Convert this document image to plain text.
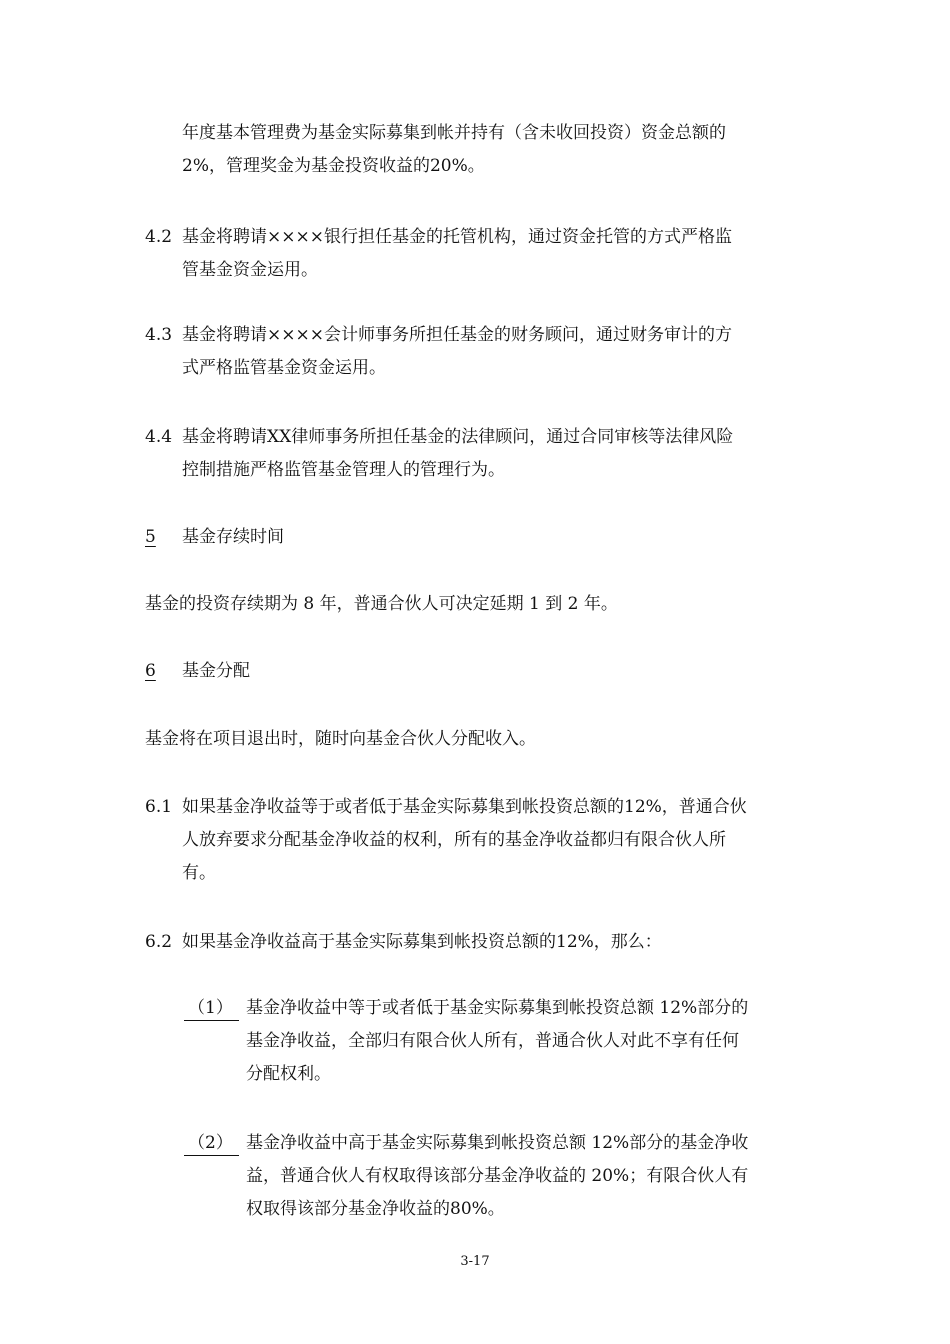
年度基本管理费为基金实际募集到帐并持有（含未收回投资）资金总额的
2%，管理奖金为基金投资收益的20%。
4.2 基金将聘请××××银行担任基金的托管机构，通过资金托管的方式严格监
管基金资金运用。
4.3 基金将聘请××××会计师事务所担任基金的财务顾问，通过财务审计的方
式严格监管基金资金运用。
4.4 基金将聘请XX律师事务所担任基金的法律顾问，通过合同审核等法律风险
控制措施严格监管基金管理人的管理行为。
5 基金存续时间
基金的投资存续期为 8 年，普通合伙人可决定延期 1 到 2 年。
6 基金分配
基金将在项目退出时，随时向基金合伙人分配收入。
6.1 如果基金净收益等于或者低于基金实际募集到帐投资总额的12%，普通合伙
人放弃要求分配基金净收益的权利，所有的基金净收益都归有限合伙人所
有。
6.2 如果基金净收益高于基金实际募集到帐投资总额的12%，那么：
（1） 基金净收益中等于或者低于基金实际募集到帐投资总额 12%部分的
基金净收益，全部归有限合伙人所有，普通合伙人对此不享有任何
分配权利。
（2） 基金净收益中高于基金实际募集到帐投资总额 12%部分的基金净收
益，普通合伙人有权取得该部分基金净收益的 20%；有限合伙人有
权取得该部分基金净收益的80%。
3-17
